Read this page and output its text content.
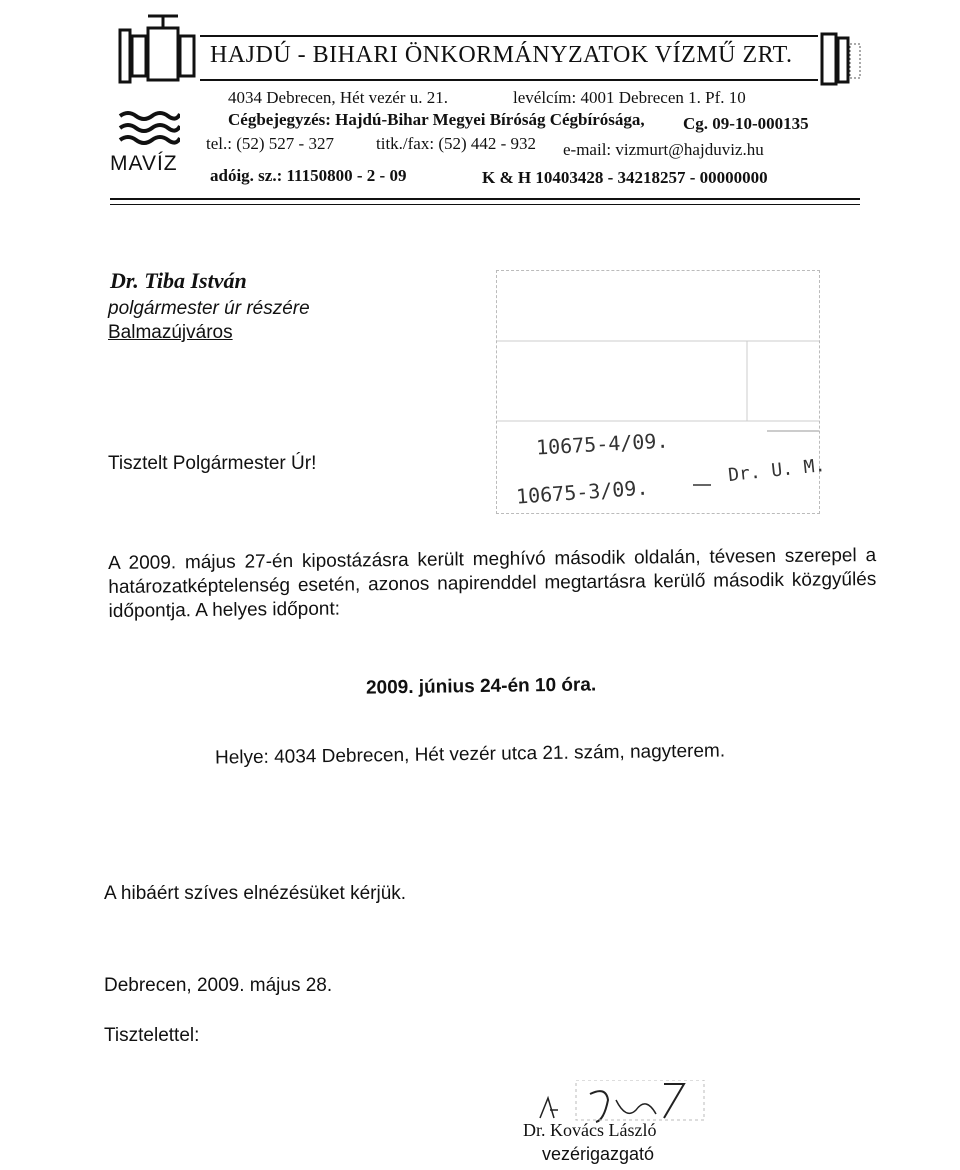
HAJDÚ - BIHARI ÖNKORMÁNYZATOK VÍZMŰ ZRT.
MAVÍZ
4034 Debrecen, Hét vezér u. 21.	levélcím: 4001 Debrecen 1. Pf. 10
Cégbejegyzés: Hajdú-Bihar Megyei Bíróság Cégbírósága, Cg. 09-10-000135
tel.: (52) 527 - 327 titk./fax: (52) 442 - 932 e-mail: vizmurt@hajduviz.hu
adóig. sz.: 11150800 - 2 - 09	K & H 10403428 - 34218257 - 00000000
Dr. Tiba István
polgármester úr részére
Balmazújváros
10675-4/09.
10675-3/09.
Dr. U. M.
Tisztelt Polgármester Úr!
A 2009. május 27-én kipostázásra került meghívó második oldalán, tévesen szerepel a határozatképtelenség esetén, azonos napirenddel megtartásra kerülő második közgyűlés időpontja. A helyes időpont:
2009. június 24-én 10 óra.
Helye: 4034 Debrecen, Hét vezér utca 21. szám, nagyterem.
A hibáért szíves elnézésüket kérjük.
Debrecen, 2009. május 28.
Tisztelettel:
Dr. Kovács László
vezérigazgató
